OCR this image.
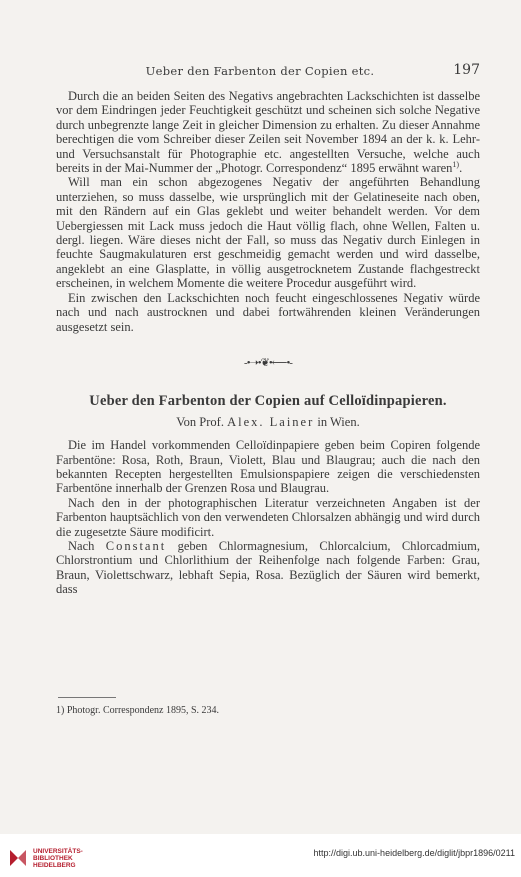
Ueber den Farbenton der Copien etc.	197

Durch die an beiden Seiten des Negativs angebrachten Lackschichten ist dasselbe vor dem Eindringen jeder Feuchtigkeit geschützt und scheinen sich solche Negative durch unbegrenzte lange Zeit in gleicher Dimension zu erhalten. Zu dieser Annahme berechtigen die vom Schreiber dieser Zeilen seit November 1894 an der k. k. Lehr- und Versuchsanstalt für Photographie etc. angestellten Versuche, welche auch bereits in der Mai-Nummer der „Photogr. Correspondenz“ 1895 erwähnt waren$^{1)}$.

Will man ein schon abgezogenes Negativ der angeführten Behandlung unterziehen, so muss dasselbe, wie ursprünglich mit der Gelatineseite nach oben, mit den Rändern auf ein Glas geklebt und weiter behandelt werden. Vor dem Uebergiessen mit Lack muss jedoch die Haut völlig flach, ohne Wellen, Falten u. dergl. liegen. Wäre dieses nicht der Fall, so muss das Negativ durch Einlegen in feuchte Saugmakulaturen erst geschmeidig gemacht werden und wird dasselbe, angeklebt an eine Glasplatte, in völlig ausgetrocknetem Zustande flachgestreckt erscheinen, in welchem Momente die weitere Procedur ausgeführt wird.

Ein zwischen den Lackschichten noch feucht eingeschlossenes Negativ würde nach und nach austrocknen und dabei fortwährenden kleinen Veränderungen ausgesetzt sein.

-•➝•❦•⟵•-
Ueber den Farbenton der Copien auf Celloïdinpapieren.
Von Prof. Alex. Lainer in Wien.

Die im Handel vorkommenden Celloïdinpapiere geben beim Copiren folgende Farbentöne: Rosa, Roth, Braun, Violett, Blau und Blaugrau; auch die nach den bekannten Recepten hergestellten Emulsionspapiere zeigen die verschiedensten Farbentöne innerhalb der Grenzen Rosa und Blaugrau.

Nach den in der photographischen Literatur verzeichneten Angaben ist der Farbenton hauptsächlich von den verwendeten Chlorsalzen abhängig und wird durch die zugesetzte Säure modificirt.

Nach Constant geben Chlormagnesium, Chlorcalcium, Chlorcadmium, Chlorstrontium und Chlorlithium der Reihenfolge nach folgende Farben: Grau, Braun, Violettschwarz, lebhaft Sepia, Rosa. Bezüglich der Säuren wird bemerkt, dass

1) Photogr. Correspondenz 1895, S. 234.
UNIVERSITÄTS-
BIBLIOTHEK
HEIDELBERG
http://digi.ub.uni-heidelberg.de/diglit/jbpr1896/0211
